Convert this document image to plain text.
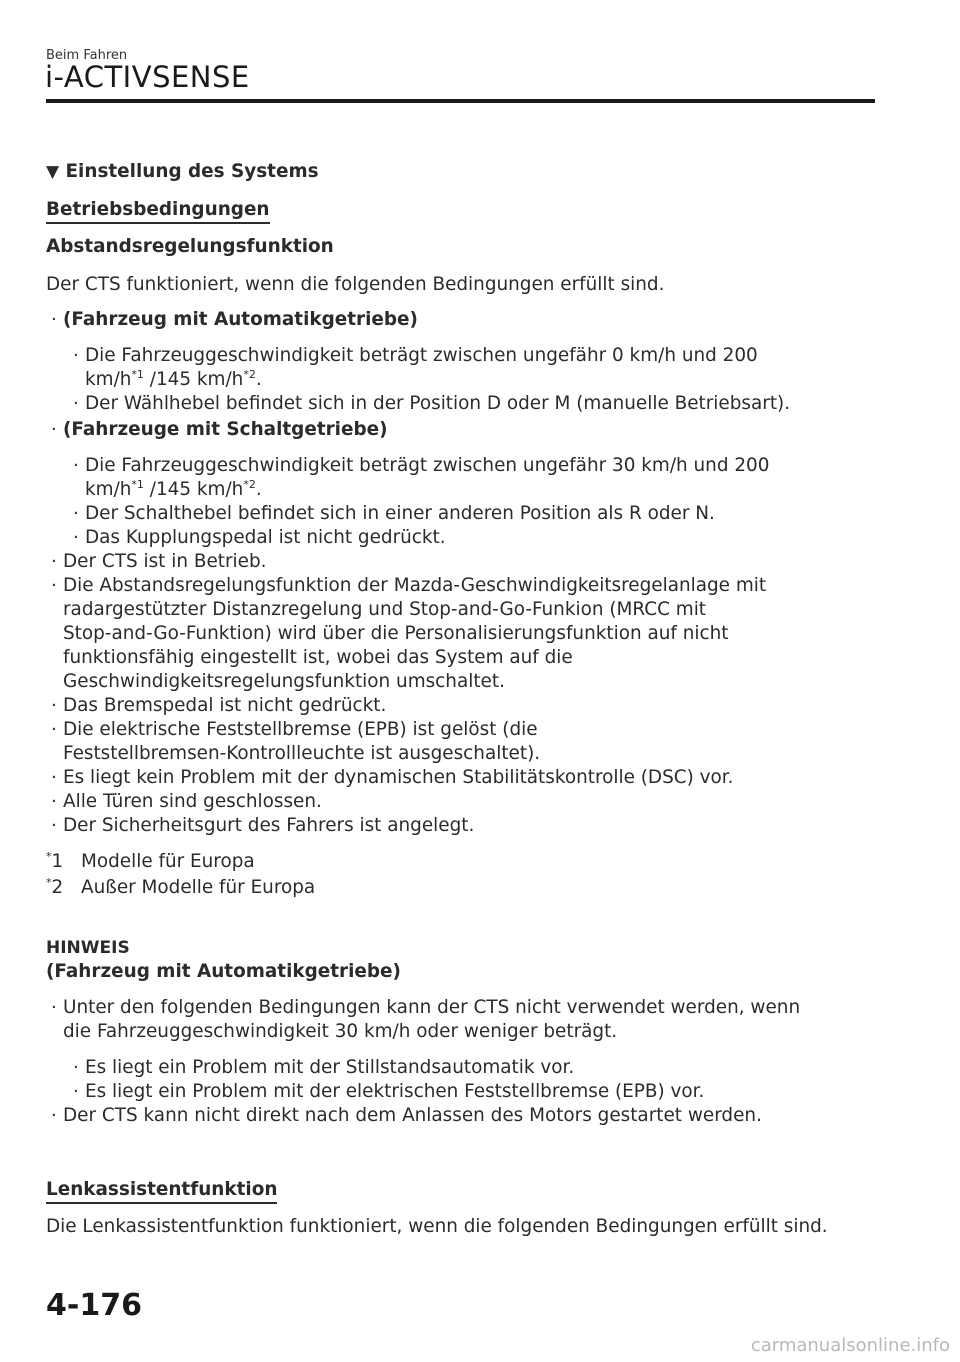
Beim Fahren
i-ACTIVSENSE
▼ Einstellung des Systems
Betriebsbedingungen
Abstandsregelungsfunktion
Der CTS funktioniert, wenn die folgenden Bedingungen erfüllt sind.
· (Fahrzeug mit Automatikgetriebe)
· Die Fahrzeuggeschwindigkeit beträgt zwischen ungefähr 0 km/h und 200
$km/h^{*1}$ /145 $km/h^{*2}$.
· Der Wählhebel befindet sich in der Position D oder M (manuelle Betriebsart).
· (Fahrzeuge mit Schaltgetriebe)
· Die Fahrzeuggeschwindigkeit beträgt zwischen ungefähr 30 km/h und 200
$km/h^{*1}$ /145 $km/h^{*2}$.
· Der Schalthebel befindet sich in einer anderen Position als R oder N.
· Das Kupplungspedal ist nicht gedrückt.
· Der CTS ist in Betrieb.
· Die Abstandsregelungsfunktion der Mazda-Geschwindigkeitsregelanlage mit
radargestützter Distanzregelung und Stop-and-Go-Funkion (MRCC mit
Stop-and-Go-Funktion) wird über die Personalisierungsfunktion auf nicht
funktionsfähig eingestellt ist, wobei das System auf die
Geschwindigkeitsregelungsfunktion umschaltet.
· Das Bremspedal ist nicht gedrückt.
· Die elektrische Feststellbremse (EPB) ist gelöst (die
Feststellbremsen-Kontrollleuchte ist ausgeschaltet).
· Es liegt kein Problem mit der dynamischen Stabilitätskontrolle (DSC) vor.
· Alle Türen sind geschlossen.
· Der Sicherheitsgurt des Fahrers ist angelegt.
*1 Modelle für Europa
*2 Außer Modelle für Europa
HINWEIS
(Fahrzeug mit Automatikgetriebe)
· Unter den folgenden Bedingungen kann der CTS nicht verwendet werden, wenn
die Fahrzeuggeschwindigkeit 30 km/h oder weniger beträgt.
· Es liegt ein Problem mit der Stillstandsautomatik vor.
· Es liegt ein Problem mit der elektrischen Feststellbremse (EPB) vor.
· Der CTS kann nicht direkt nach dem Anlassen des Motors gestartet werden.
Lenkassistentfunktion
Die Lenkassistentfunktion funktioniert, wenn die folgenden Bedingungen erfüllt sind.
4-176
carmanualsonline.info
